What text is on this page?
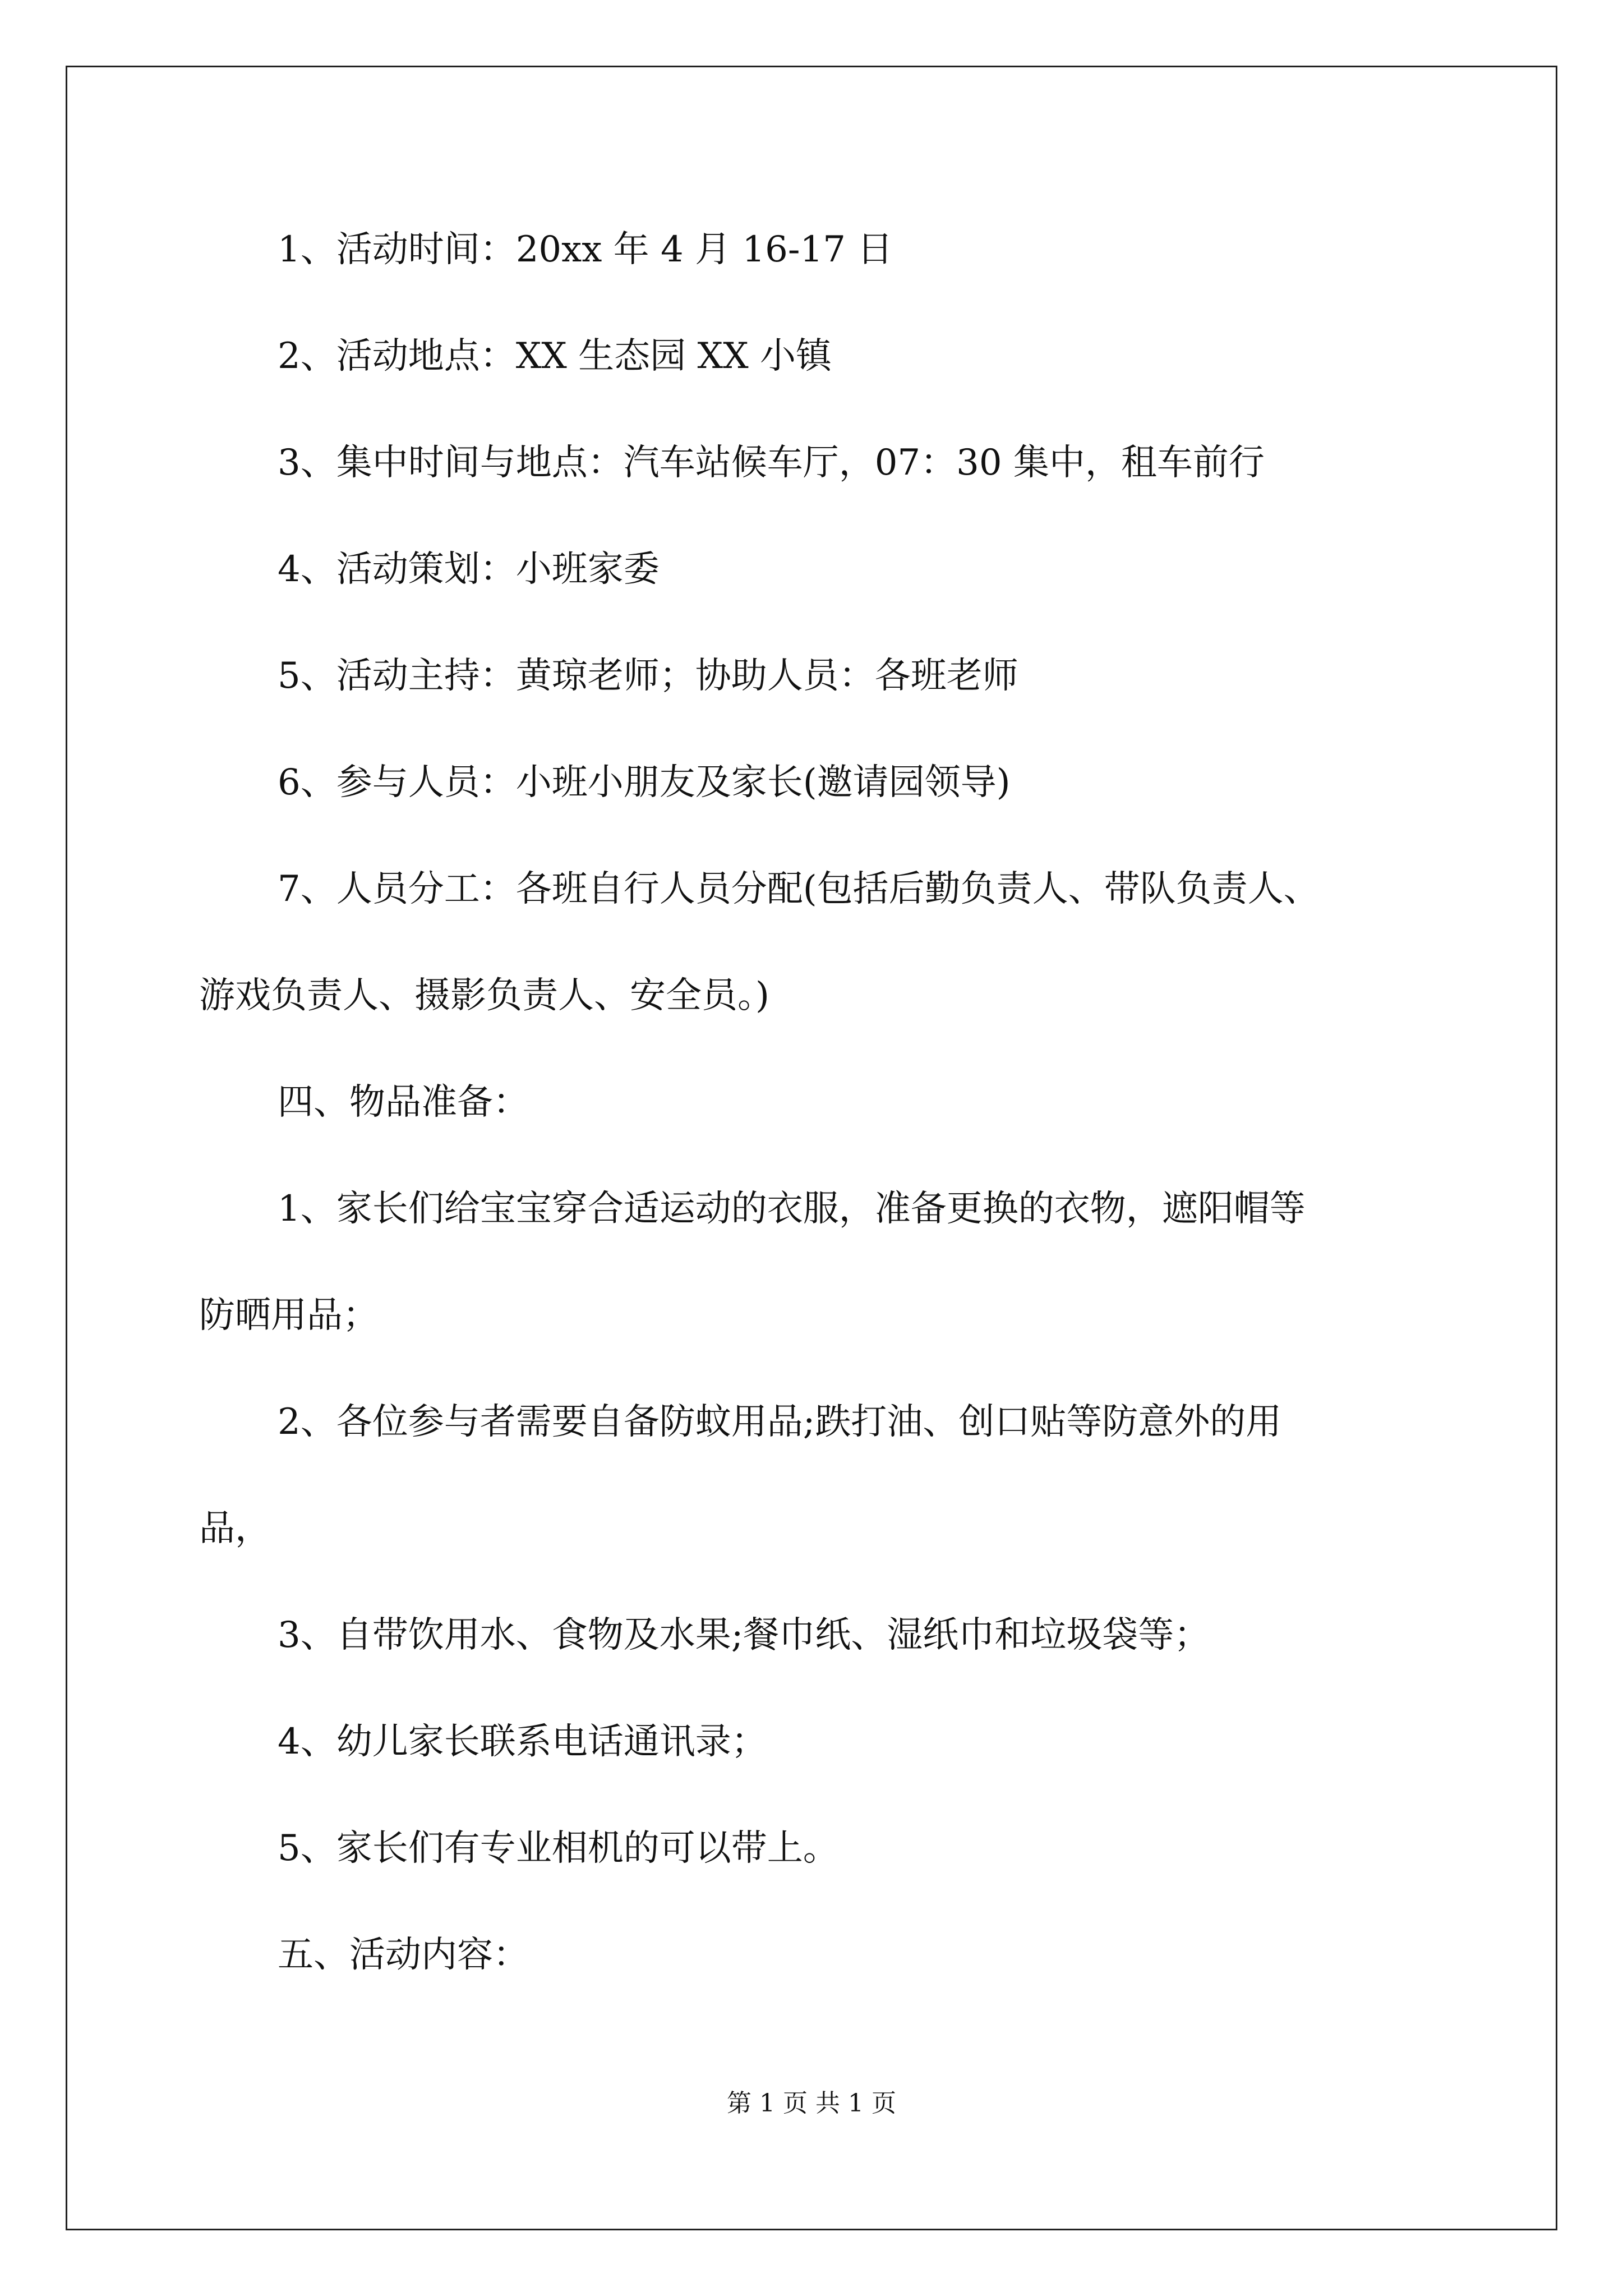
1、活动时间：20xx 年 4 月 16-17 日

2、活动地点：XX 生态园 XX 小镇

3、集中时间与地点：汽车站候车厅，07：30 集中，租车前行

4、活动策划：小班家委

5、活动主持：黄琼老师；协助人员：各班老师

6、参与人员：小班小朋友及家长(邀请园领导)

7、人员分工：各班自行人员分配(包括后勤负责人、带队负责人、

游戏负责人、摄影负责人、安全员。)

四、物品准备：

1、家长们给宝宝穿合适运动的衣服，准备更换的衣物，遮阳帽等

防晒用品；

2、各位参与者需要自备防蚊用品;跌打油、创口贴等防意外的用

品，

3、自带饮用水、食物及水果;餐巾纸、湿纸巾和垃圾袋等；

4、幼儿家长联系电话通讯录；

5、家长们有专业相机的可以带上。

五、活动内容：

第 1 页 共 1 页
